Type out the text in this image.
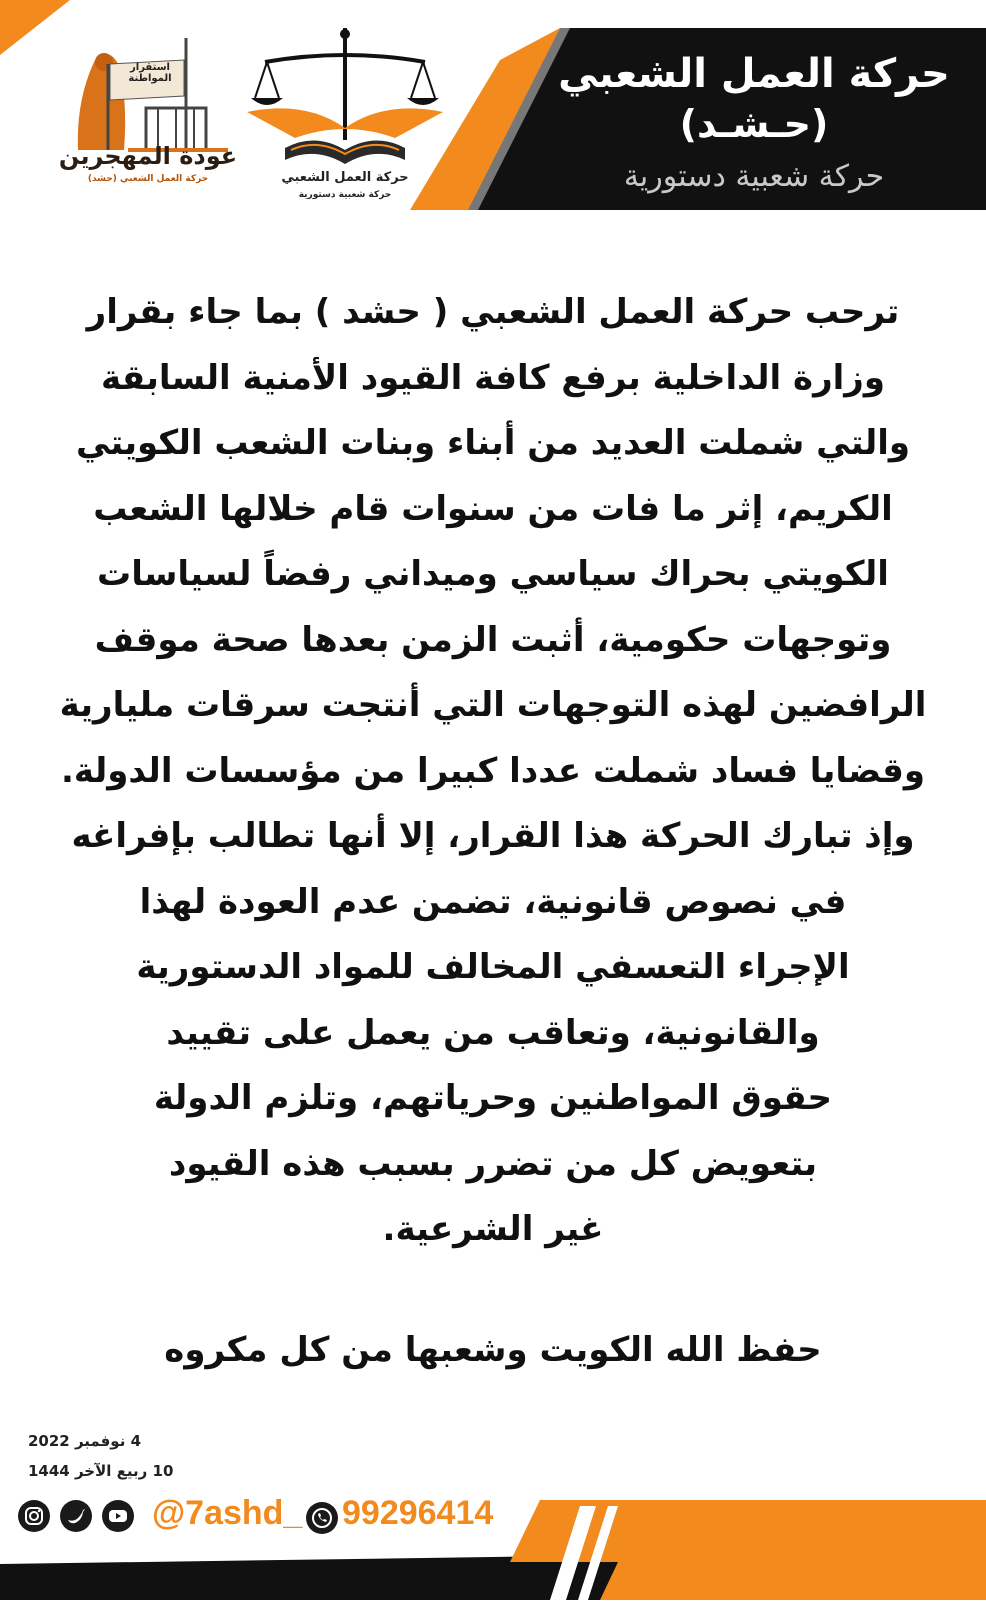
حركة العمل الشعبي
(حـشـد)
حركة شعبية دستورية
حركة العمل الشعبي
حركة شعبية دستورية
استقرار المواطنة
عودة المهجرين
حركة العمل الشعبي (حشد)
ترحب حركة العمل الشعبي ( حشد ) بما جاء بقرار
وزارة الداخلية برفع كافة القيود الأمنية السابقة
والتي شملت العديد من أبناء وبنات الشعب الكويتي
الكريم، إثر ما فات من سنوات قام خلالها الشعب
الكويتي بحراك سياسي وميداني رفضاً لسياسات
وتوجهات حكومية، أثبت الزمن بعدها صحة موقف
الرافضين لهذه التوجهات التي أنتجت سرقات مليارية
وقضايا فساد شملت عددا كبيرا من مؤسسات الدولة.
وإذ تبارك الحركة هذا القرار، إلا أنها تطالب بإفراغه
في نصوص قانونية، تضمن عدم العودة لهذا
الإجراء التعسفي المخالف للمواد الدستورية
والقانونية، وتعاقب من يعمل على تقييد
حقوق المواطنين وحرياتهم، وتلزم الدولة
بتعويض كل من تضرر بسبب هذه القيود
غير الشرعية.
حفظ الله الكويت وشعبها من كل مكروه
4 نوفمبر 2022
10 ربيع الآخر 1444
@7ashd_ 99296414
